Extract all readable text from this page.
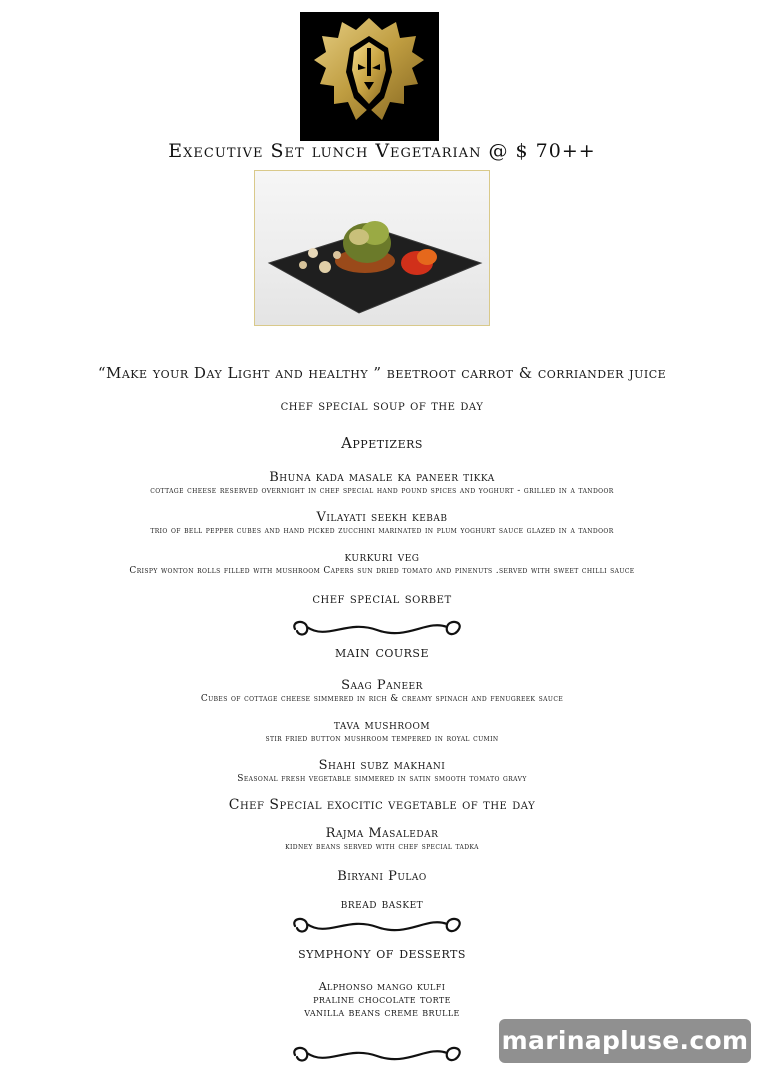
Executive Set lunch Vegetarian @ $ 70++
“Make your Day Light and healthy ” beetroot carrot & corriander juice
chef special soup of the day
Appetizers
Bhuna kada masale ka paneer tikka
cottage cheese reserved overnight in chef special hand pound spices and yoghurt - grilled in a tandoor
Vilayati seekh kebab
trio of bell pepper cubes and hand picked zucchini marinated in plum yoghurt sauce glazed in a tandoor
kurkuri veg
Crispy wonton rolls filled with mushroom Capers sun dried tomato and pinenuts .served with sweet chilli sauce
chef special sorbet
main course
Saag Paneer
Cubes of cottage cheese simmered in rich & creamy spinach and fenugreek sauce
tava mushroom
stir fried button mushroom tempered in royal cumin
Shahi subz makhani
Seasonal fresh vegetable simmered in satin smooth tomato gravy
Chef Special exocitic vegetable of the day
Rajma Masaledar
kidney beans served with chef special tadka
Biryani Pulao
bread basket
symphony of desserts
Alphonso mango kulfi
praline chocolate torte
vanilla beans creme brulle
marinapluse.com
